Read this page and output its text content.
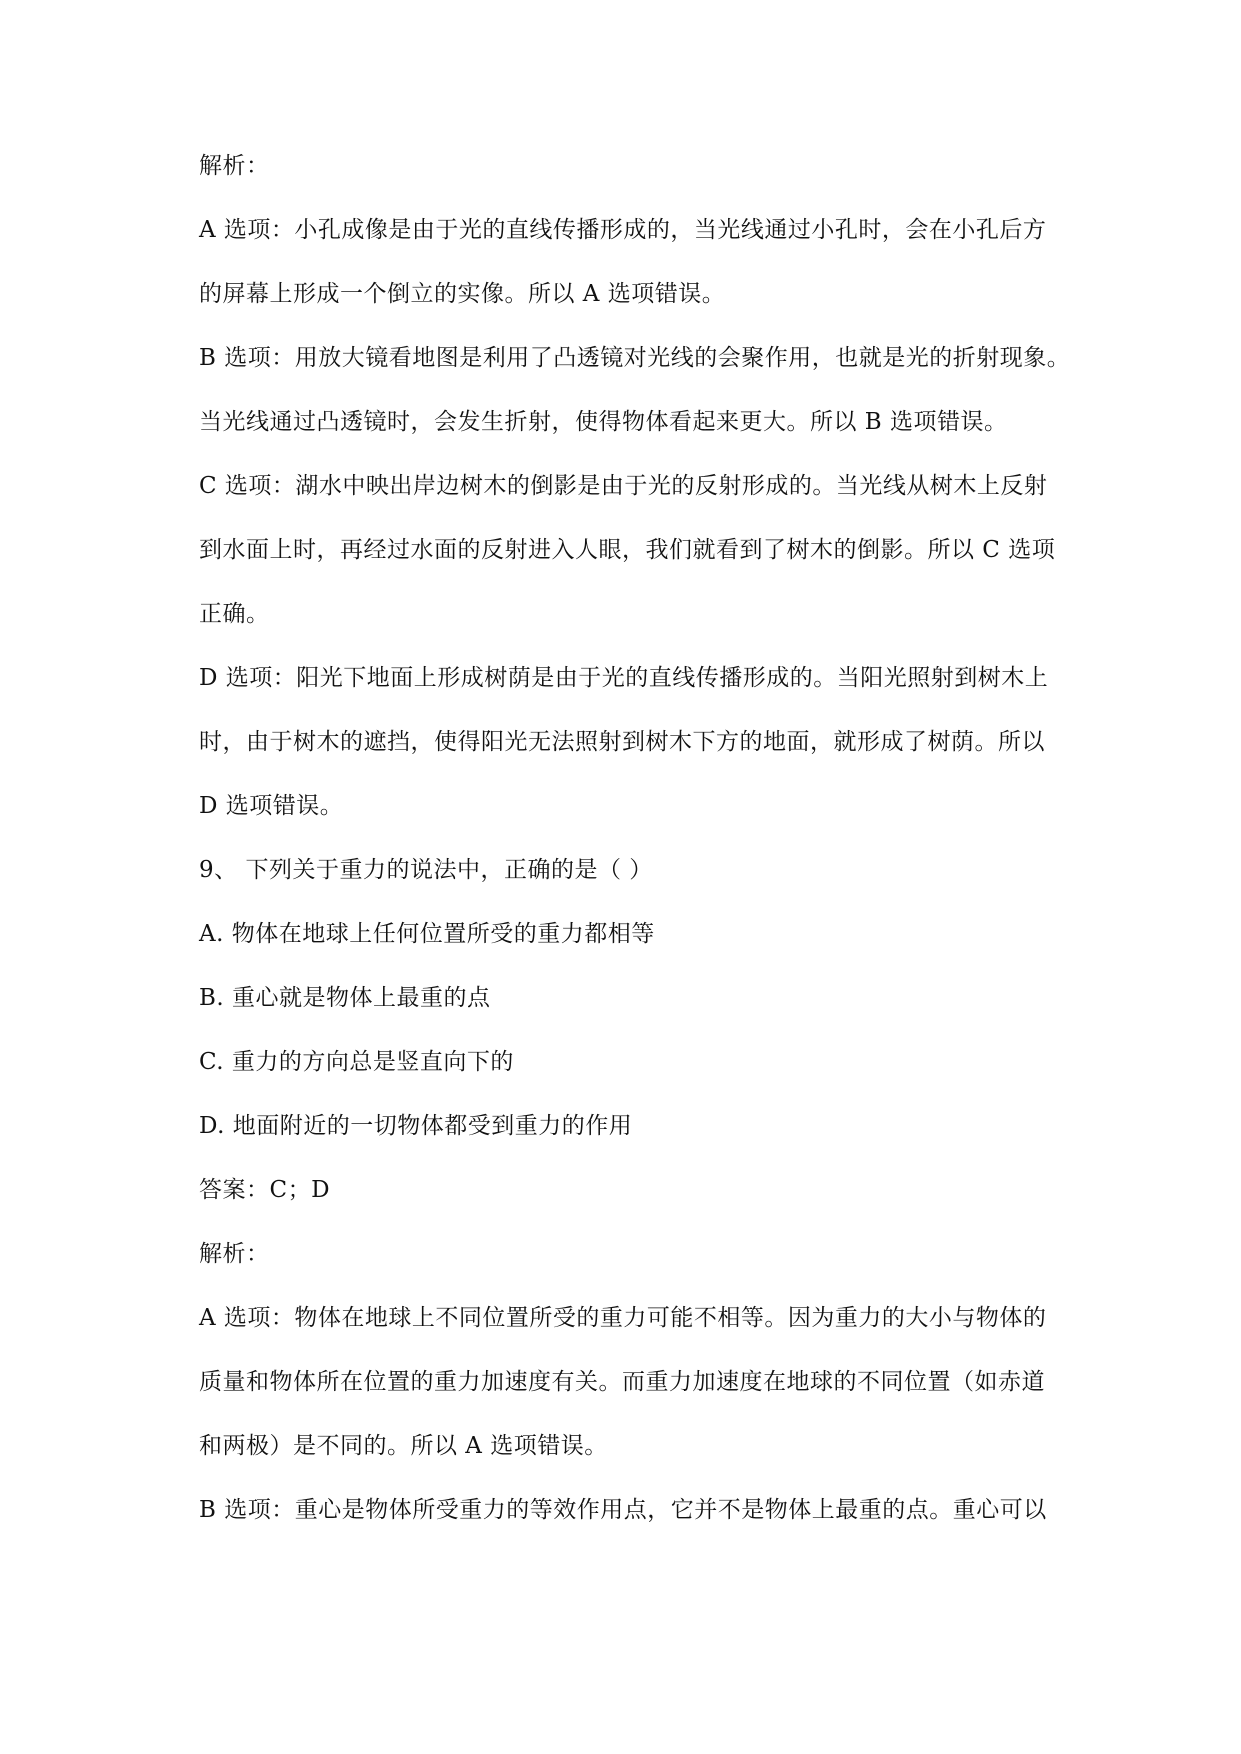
解析：
A 选项：小孔成像是由于光的直线传播形成的，当光线通过小孔时，会在小孔后方
的屏幕上形成一个倒立的实像。所以 A 选项错误。
B 选项：用放大镜看地图是利用了凸透镜对光线的会聚作用，也就是光的折射现象。
当光线通过凸透镜时，会发生折射，使得物体看起来更大。所以 B 选项错误。
C 选项：湖水中映出岸边树木的倒影是由于光的反射形成的。当光线从树木上反射
到水面上时，再经过水面的反射进入人眼，我们就看到了树木的倒影。所以 C 选项
正确。
D 选项：阳光下地面上形成树荫是由于光的直线传播形成的。当阳光照射到树木上
时，由于树木的遮挡，使得阳光无法照射到树木下方的地面，就形成了树荫。所以
D 选项错误。
9、 下列关于重力的说法中，正确的是（ ）
A. 物体在地球上任何位置所受的重力都相等
B. 重心就是物体上最重的点
C. 重力的方向总是竖直向下的
D. 地面附近的一切物体都受到重力的作用
答案：C；D
解析：
A 选项：物体在地球上不同位置所受的重力可能不相等。因为重力的大小与物体的
质量和物体所在位置的重力加速度有关。而重力加速度在地球的不同位置（如赤道
和两极）是不同的。所以 A 选项错误。
B 选项：重心是物体所受重力的等效作用点，它并不是物体上最重的点。重心可以
